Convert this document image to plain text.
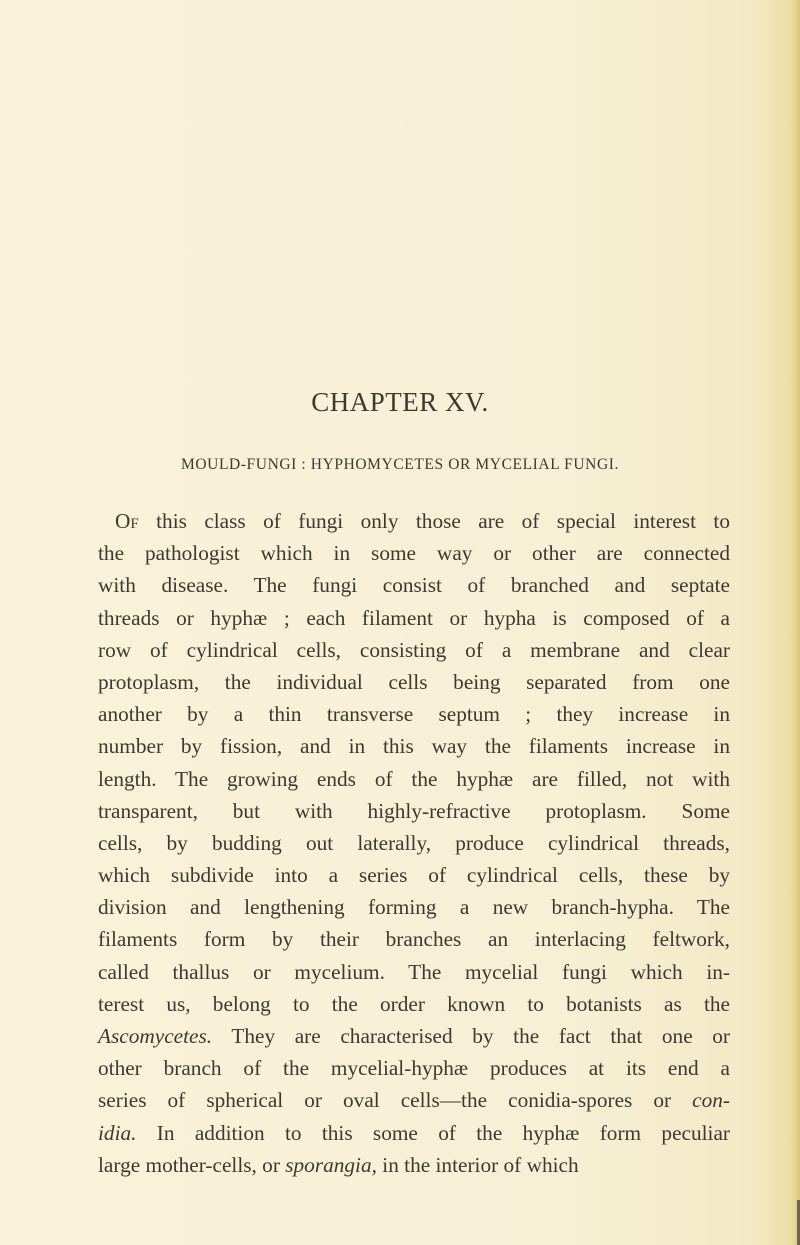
CHAPTER XV.
MOULD-FUNGI : HYPHOMYCETES OR MYCELIAL FUNGI.
Of this class of fungi only those are of special interest to
the pathologist which in some way or other are connected
with disease. The fungi consist of branched and septate
threads or hyphæ ; each filament or hypha is composed of a
row of cylindrical cells, consisting of a membrane and clear
protoplasm, the individual cells being separated from one
another by a thin transverse septum ; they increase in
number by fission, and in this way the filaments increase in
length. The growing ends of the hyphæ are filled, not with
transparent, but with highly-refractive protoplasm. Some
cells, by budding out laterally, produce cylindrical threads,
which subdivide into a series of cylindrical cells, these by
division and lengthening forming a new branch-hypha. The
filaments form by their branches an interlacing feltwork,
called thallus or mycelium. The mycelial fungi which in-
terest us, belong to the order known to botanists as the
Ascomycetes. They are characterised by the fact that one or
other branch of the mycelial-hyphæ produces at its end a
series of spherical or oval cells—the conidia-spores or con-
idia. In addition to this some of the hyphæ form peculiar
large mother-cells, or sporangia, in the interior of which
